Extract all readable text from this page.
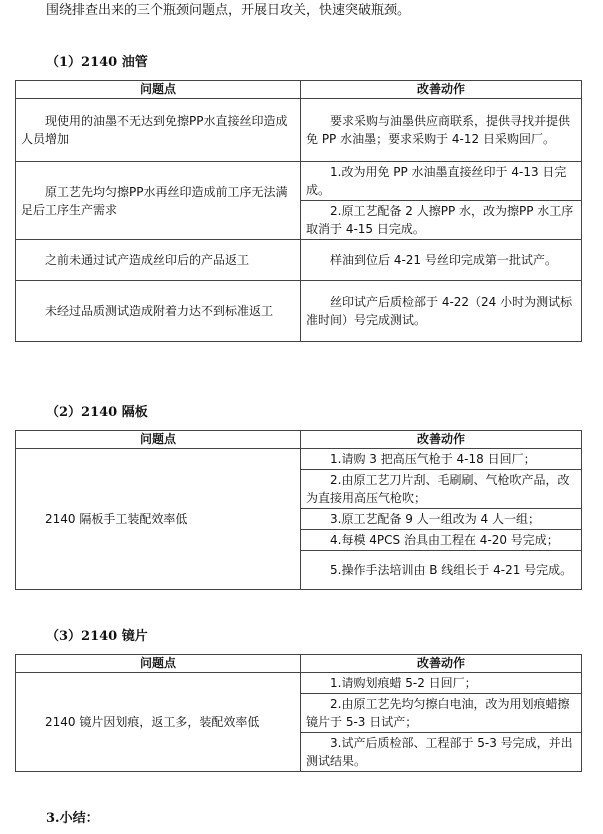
围绕排查出来的三个瓶颈问题点，开展日攻关，快速突破瓶颈。

（1）2140 油管

问题点	改善动作
现使用的油墨不无达到免擦PP水直接丝印造成人员增加	要求采购与油墨供应商联系，提供寻找并提供免 PP 水油墨；要求采购于 4-12 日采购回厂。
原工艺先均匀擦PP水再丝印造成前工序无法满足后工序生产需求	1.改为用免 PP 水油墨直接丝印于 4-13 日完成。
	2.原工艺配备 2 人擦PP 水，改为擦PP 水工序取消于 4-15 日完成。
之前未通过试产造成丝印后的产品返工	样油到位后 4-21 号丝印完成第一批试产。
未经过品质测试造成附着力达不到标准返工	丝印试产后质检部于 4-22（24 小时为测试标准时间）号完成测试。

（2）2140 隔板

问题点	改善动作
2140 隔板手工装配效率低	1.请购 3 把高压气枪于 4-18 日回厂；
	2.由原工艺刀片刮、毛刷刷、气枪吹产品，改为直接用高压气枪吹；
	3.原工艺配备 9 人一组改为 4 人一组；
	4.每模 4PCS 治具由工程在 4-20 号完成；
	5.操作手法培训由 B 线组长于 4-21 号完成。

（3）2140 镜片

问题点	改善动作
2140 镜片因划痕，返工多，装配效率低	1.请购划痕蜡 5-2 日回厂；
	2.由原工艺先均匀擦白电油，改为用划痕蜡擦镜片于 5-3 日试产；
	3.试产后质检部、工程部于 5-3 号完成，并出测试结果。

3.小结：
